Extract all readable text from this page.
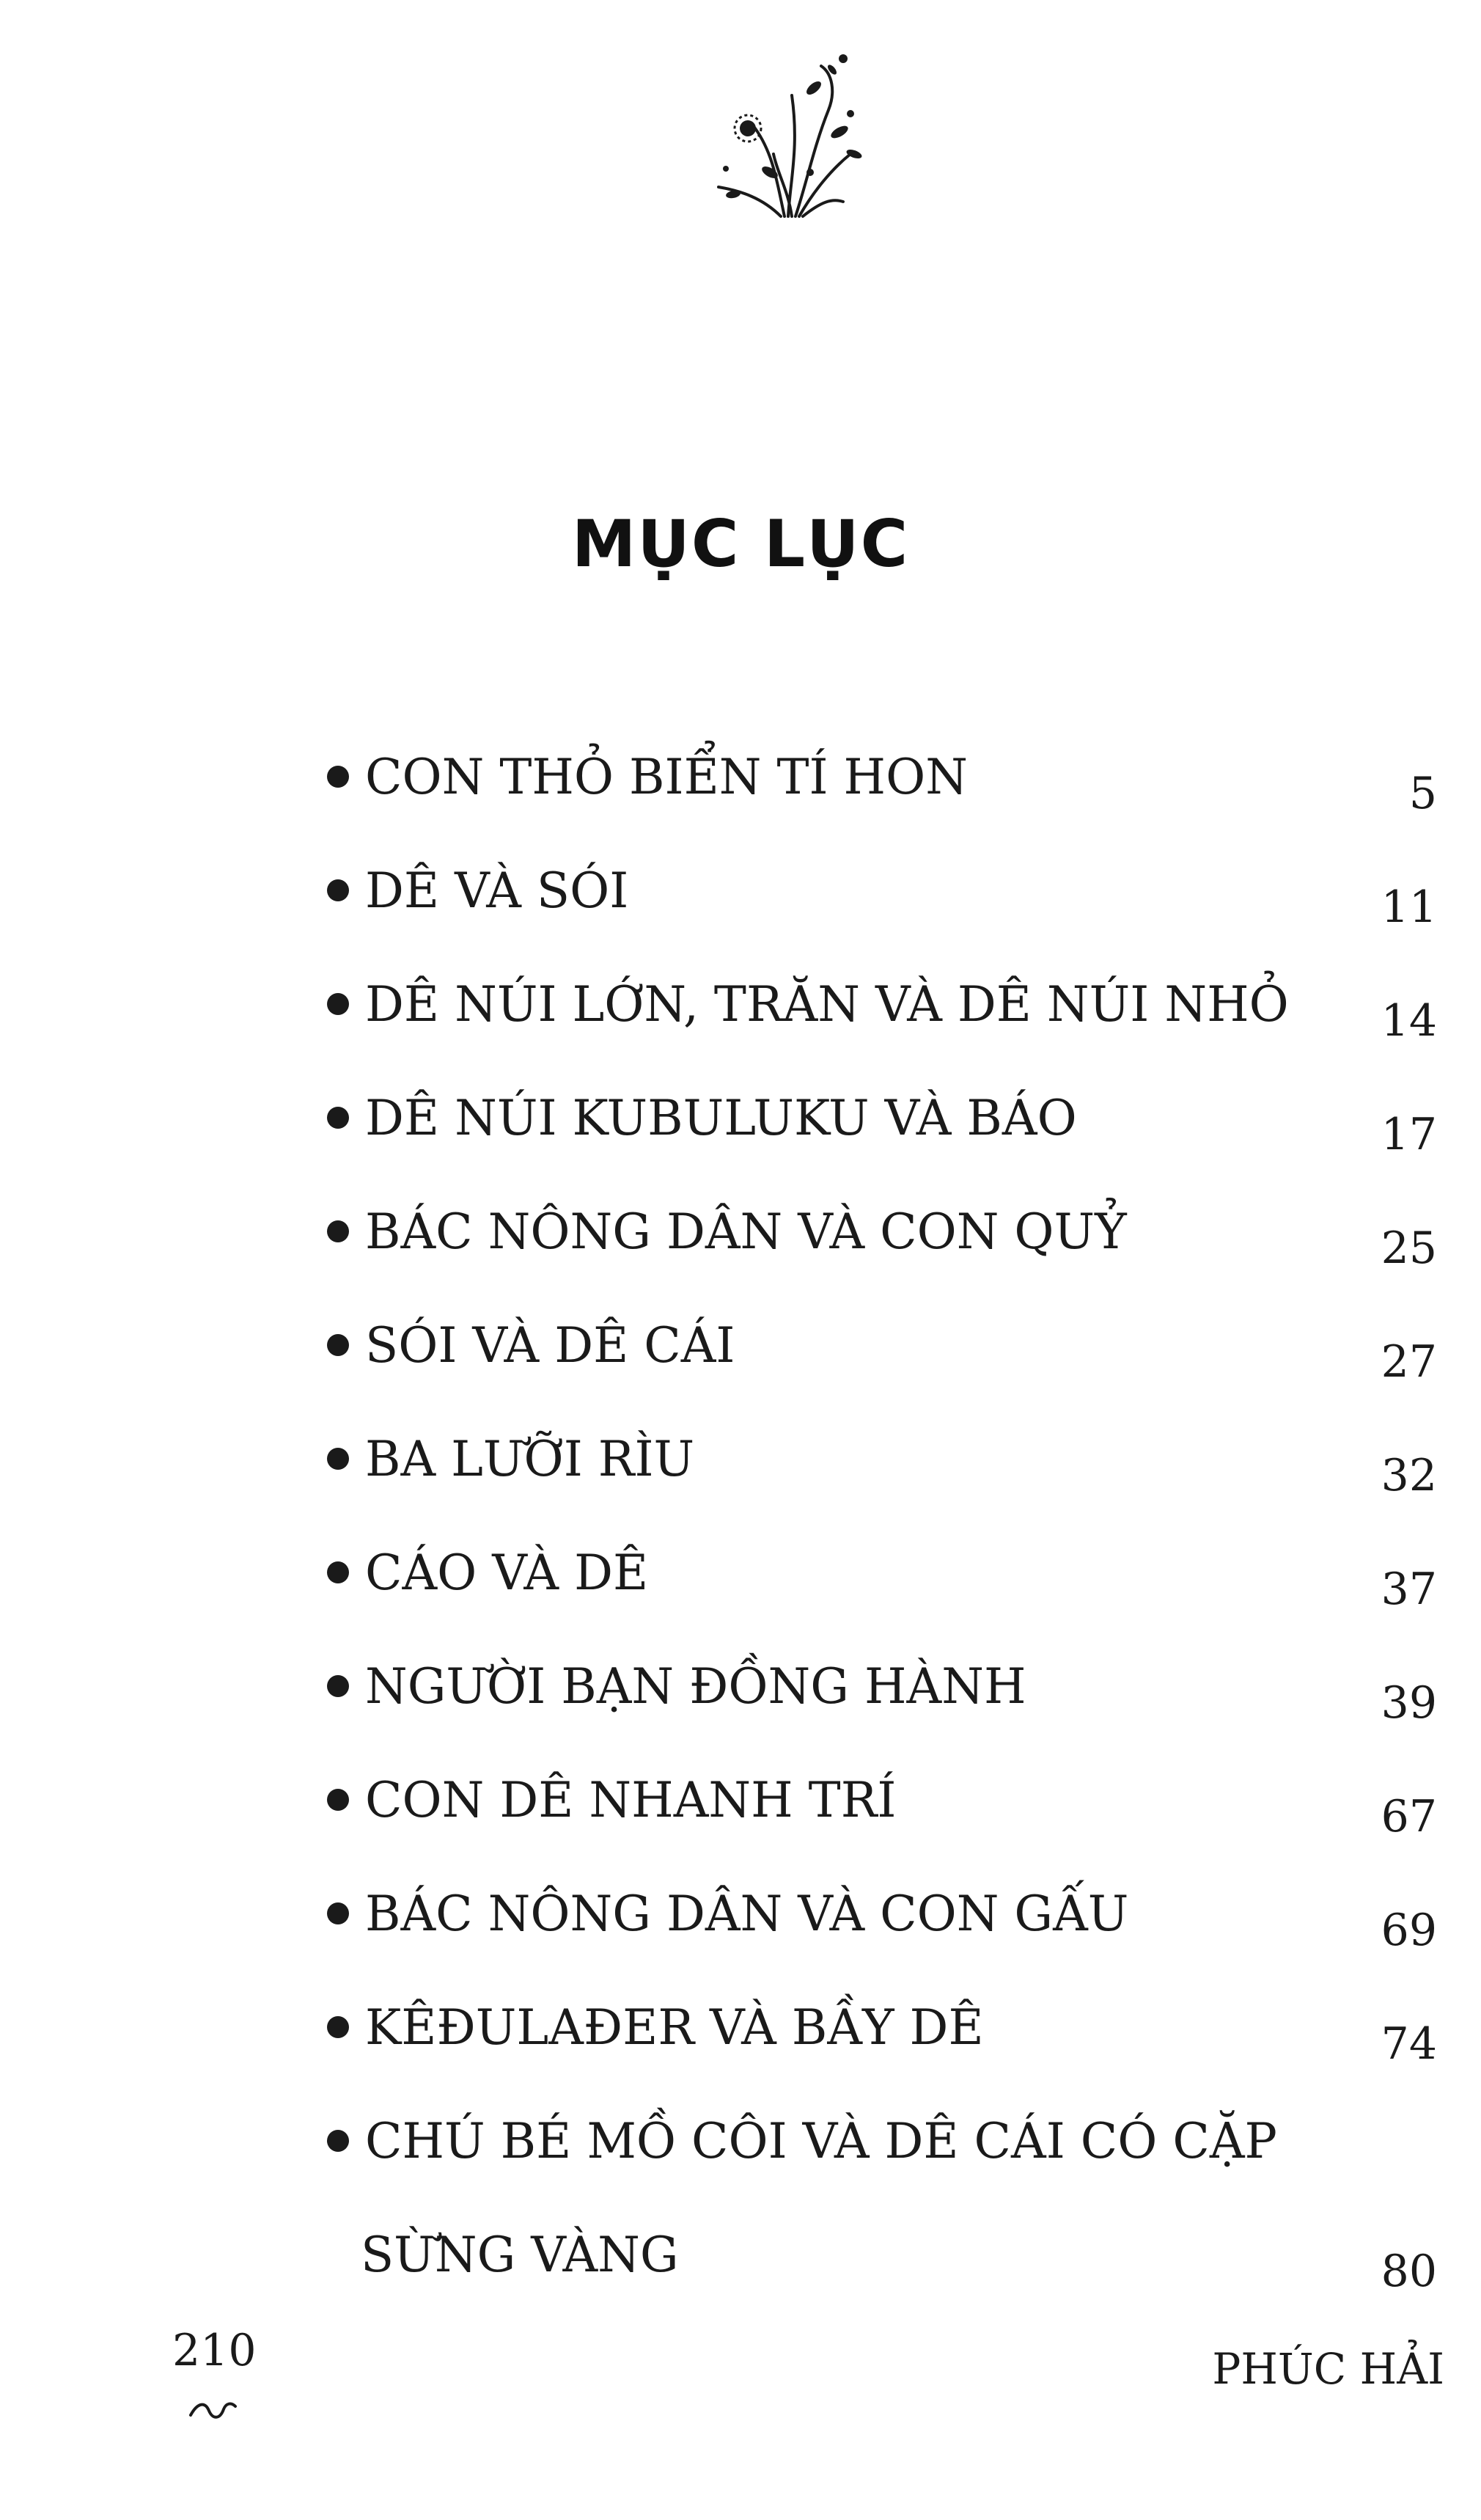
MỤC LỤC
CON THỎ BIỂN TÍ HON	5
DÊ VÀ SÓI	11
DÊ NÚI LỚN, TRĂN VÀ DÊ NÚI NHỎ 14
DÊ NÚI KUBULUKU VÀ BÁO	17
BÁC NÔNG DÂN VÀ CON QUỶ	25
SÓI VÀ DÊ CÁI	27
BA LƯỠI RÌU	32
CÁO VÀ DÊ	37
NGƯỜI BẠN ĐỒNG HÀNH	39
CON DÊ NHANH TRÍ	67
BÁC NÔNG DÂN VÀ CON GẤU	69
KÊĐULAĐER VÀ BẦY DÊ	74
CHÚ BÉ MỒ CÔI VÀ DÊ CÁI CÓ CẶP
SỪNG VÀNG	80
210	PHÚC HẢI
